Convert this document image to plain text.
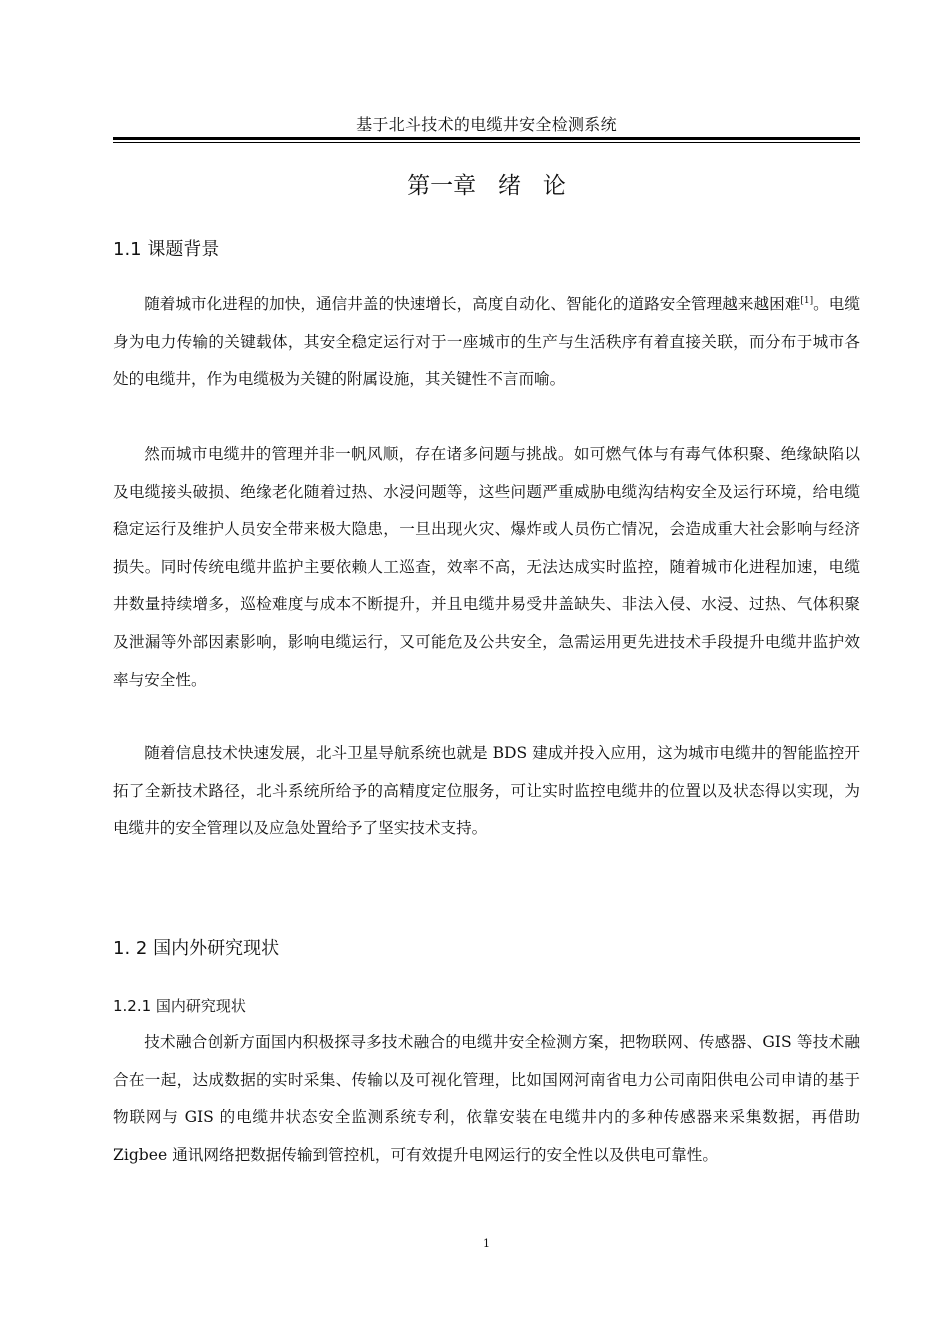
基于北斗技术的电缆井安全检测系统
第一章   绪   论
1.1 课题背景
随着城市化进程的加快，通信井盖的快速增长，高度自动化、智能化的道路安全管理越来越困难[1]。电缆身为电力传输的关键载体，其安全稳定运行对于一座城市的生产与生活秩序有着直接关联，而分布于城市各处的电缆井，作为电缆极为关键的附属设施，其关键性不言而喻。
然而城市电缆井的管理并非一帆风顺，存在诸多问题与挑战。如可燃气体与有毒气体积聚、绝缘缺陷以及电缆接头破损、绝缘老化随着过热、水浸问题等，这些问题严重威胁电缆沟结构安全及运行环境，给电缆稳定运行及维护人员安全带来极大隐患，一旦出现火灾、爆炸或人员伤亡情况，会造成重大社会影响与经济损失。同时传统电缆井监护主要依赖人工巡查，效率不高，无法达成实时监控，随着城市化进程加速，电缆井数量持续增多，巡检难度与成本不断提升，并且电缆井易受井盖缺失、非法入侵、水浸、过热、气体积聚及泄漏等外部因素影响，影响电缆运行，又可能危及公共安全，急需运用更先进技术手段提升电缆井监护效率与安全性。
随着信息技术快速发展，北斗卫星导航系统也就是 BDS 建成并投入应用，这为城市电缆井的智能监控开拓了全新技术路径，北斗系统所给予的高精度定位服务，可让实时监控电缆井的位置以及状态得以实现，为电缆井的安全管理以及应急处置给予了坚实技术支持。
1. 2 国内外研究现状
1.2.1 国内研究现状
技术融合创新方面国内积极探寻多技术融合的电缆井安全检测方案，把物联网、传感器、GIS 等技术融合在一起，达成数据的实时采集、传输以及可视化管理，比如国网河南省电力公司南阳供电公司申请的基于物联网与 GIS 的电缆井状态安全监测系统专利，依靠安装在电缆井内的多种传感器来采集数据，再借助 Zigbee 通讯网络把数据传输到管控机，可有效提升电网运行的安全性以及供电可靠性。
1
